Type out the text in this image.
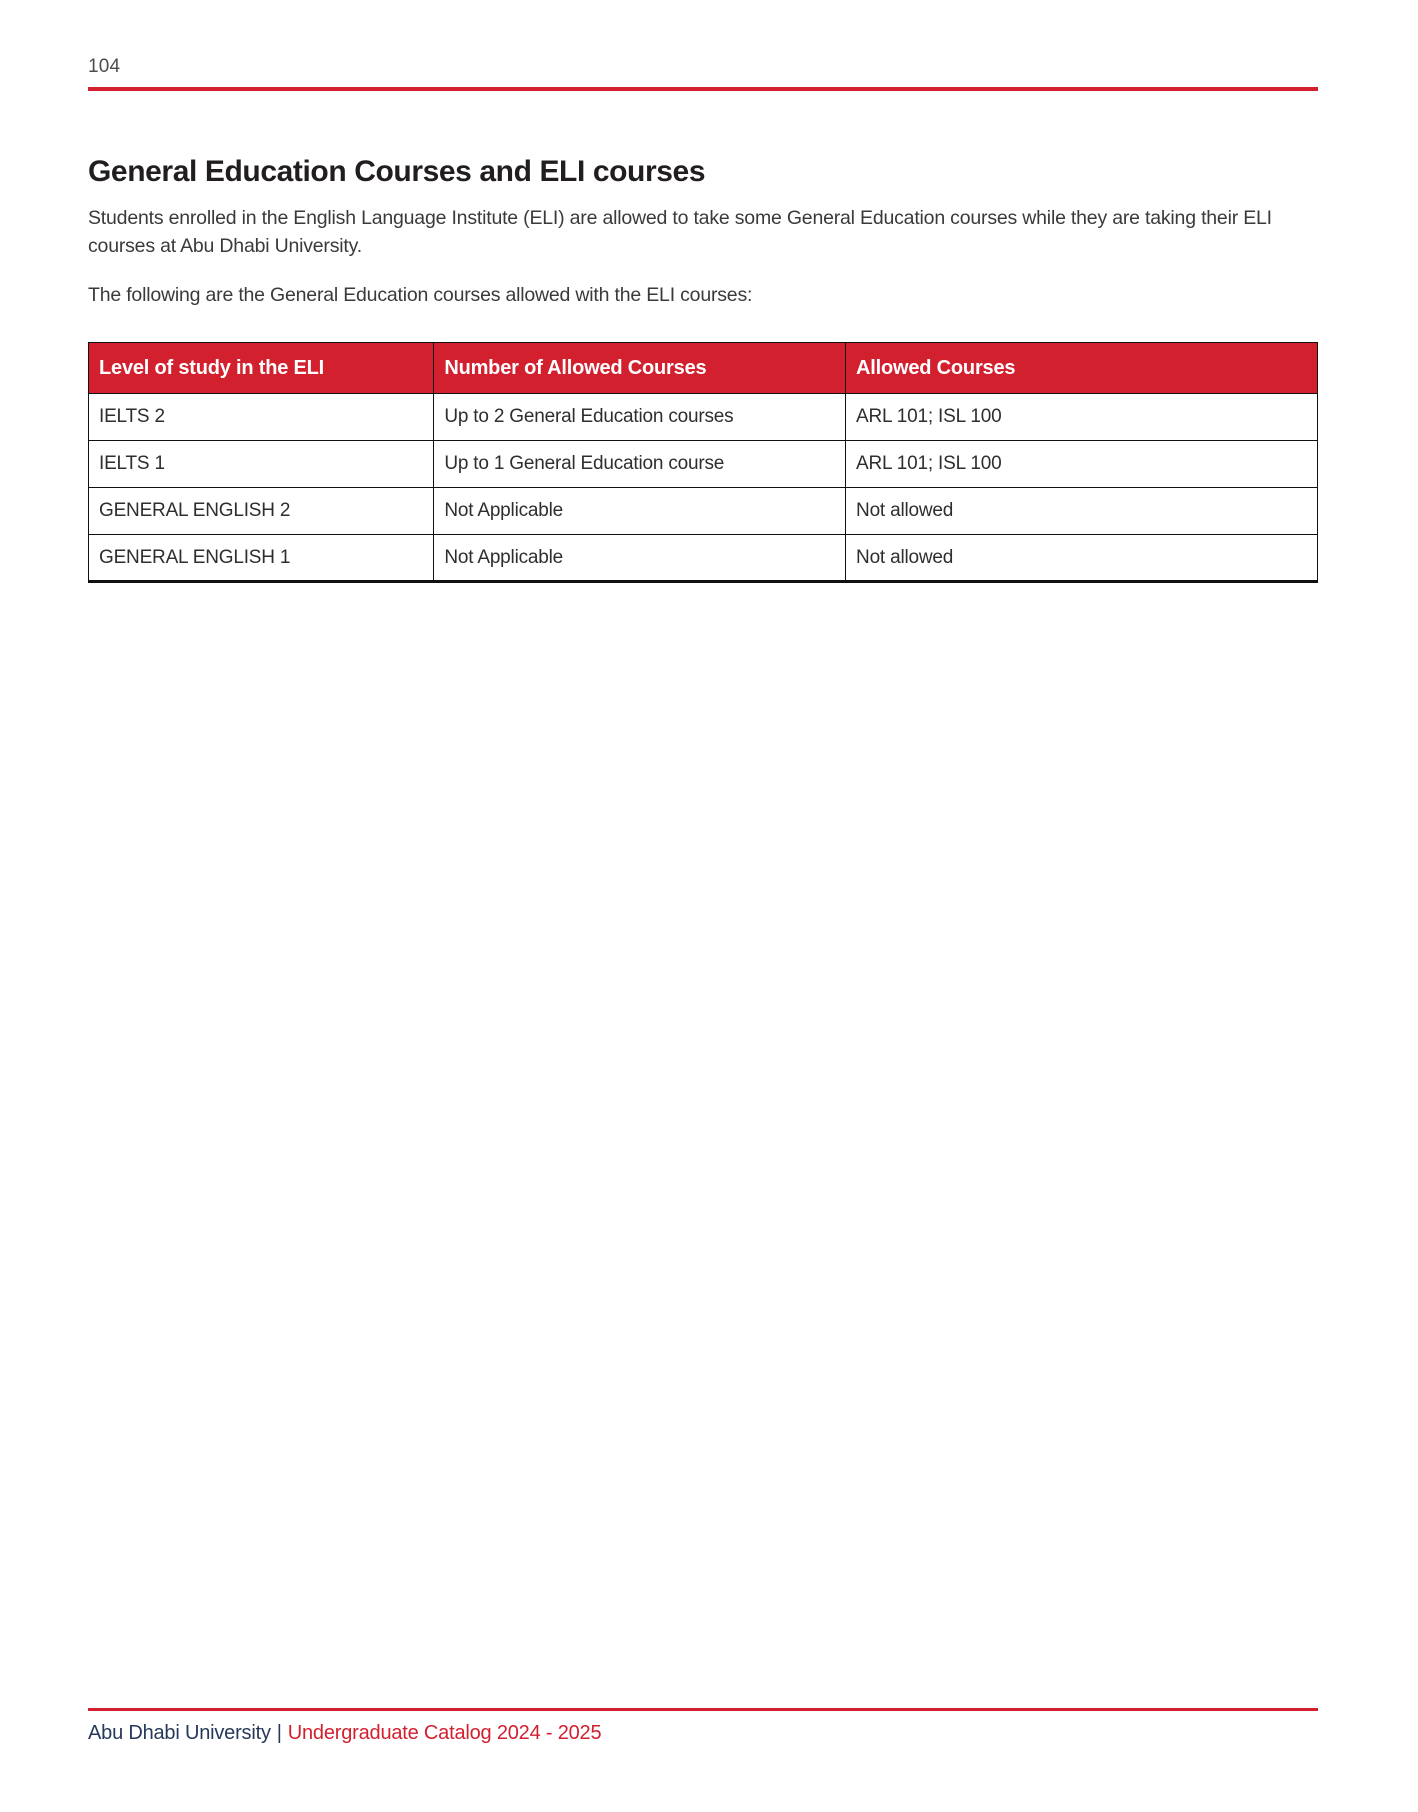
104
General Education Courses and ELI courses

Students enrolled in the English Language Institute (ELI) are allowed to take some General Education courses while they are taking their ELI courses at Abu Dhabi University.

The following are the General Education courses allowed with the ELI courses:

Level of study in the ELI	Number of Allowed Courses	Allowed Courses
IELTS 2	Up to 2 General Education courses	ARL 101; ISL 100
IELTS 1	Up to 1 General Education course	ARL 101; ISL 100
GENERAL ENGLISH 2	Not Applicable	Not allowed
GENERAL ENGLISH 1	Not Applicable	Not allowed
Abu Dhabi University | Undergraduate Catalog 2024 - 2025
